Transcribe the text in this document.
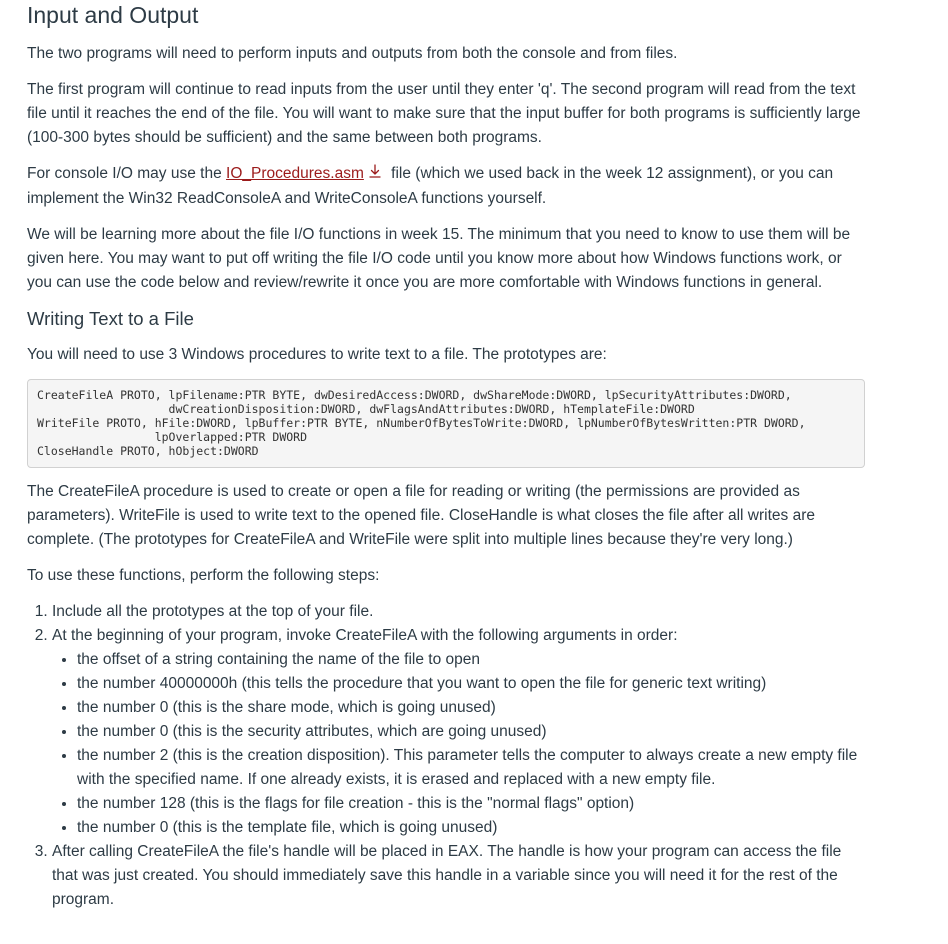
Input and Output

The two programs will need to perform inputs and outputs from both the console and from files.

The first program will continue to read inputs from the user until they enter 'q'. The second program will read from the text file until it reaches the end of the file. You will want to make sure that the input buffer for both programs is sufficiently large (100-300 bytes should be sufficient) and the same between both programs.

For console I/O may use the IO_Procedures.asm file (which we used back in the week 12 assignment), or you can implement the Win32 ReadConsoleA and WriteConsoleA functions yourself.

We will be learning more about the file I/O functions in week 15. The minimum that you need to know to use them will be given here. You may want to put off writing the file I/O code until you know more about how Windows functions work, or you can use the code below and review/rewrite it once you are more comfortable with Windows functions in general.

Writing Text to a File

You will need to use 3 Windows procedures to write text to a file. The prototypes are:

CreateFileA PROTO, lpFilename:PTR BYTE, dwDesiredAccess:DWORD, dwShareMode:DWORD, lpSecurityAttributes:DWORD,
dwCreationDisposition:DWORD, dwFlagsAndAttributes:DWORD, hTemplateFile:DWORD
WriteFile PROTO, hFile:DWORD, lpBuffer:PTR BYTE, nNumberOfBytesToWrite:DWORD, lpNumberOfBytesWritten:PTR DWORD,
lpOverlapped:PTR DWORD
CloseHandle PROTO, hObject:DWORD

The CreateFileA procedure is used to create or open a file for reading or writing (the permissions are provided as parameters). WriteFile is used to write text to the opened file. CloseHandle is what closes the file after all writes are complete. (The prototypes for CreateFileA and WriteFile were split into multiple lines because they're very long.)

To use these functions, perform the following steps:

1. Include all the prototypes at the top of your file.
2. At the beginning of your program, invoke CreateFileA with the following arguments in order:
• the offset of a string containing the name of the file to open
• the number 40000000h (this tells the procedure that you want to open the file for generic text writing)
• the number 0 (this is the share mode, which is going unused)
• the number 0 (this is the security attributes, which are going unused)
• the number 2 (this is the creation disposition). This parameter tells the computer to always create a new empty file with the specified name. If one already exists, it is erased and replaced with a new empty file.
• the number 128 (this is the flags for file creation - this is the "normal flags" option)
• the number 0 (this is the template file, which is going unused)
3. After calling CreateFileA the file's handle will be placed in EAX. The handle is how your program can access the file that was just created. You should immediately save this handle in a variable since you will need it for the rest of the program.
